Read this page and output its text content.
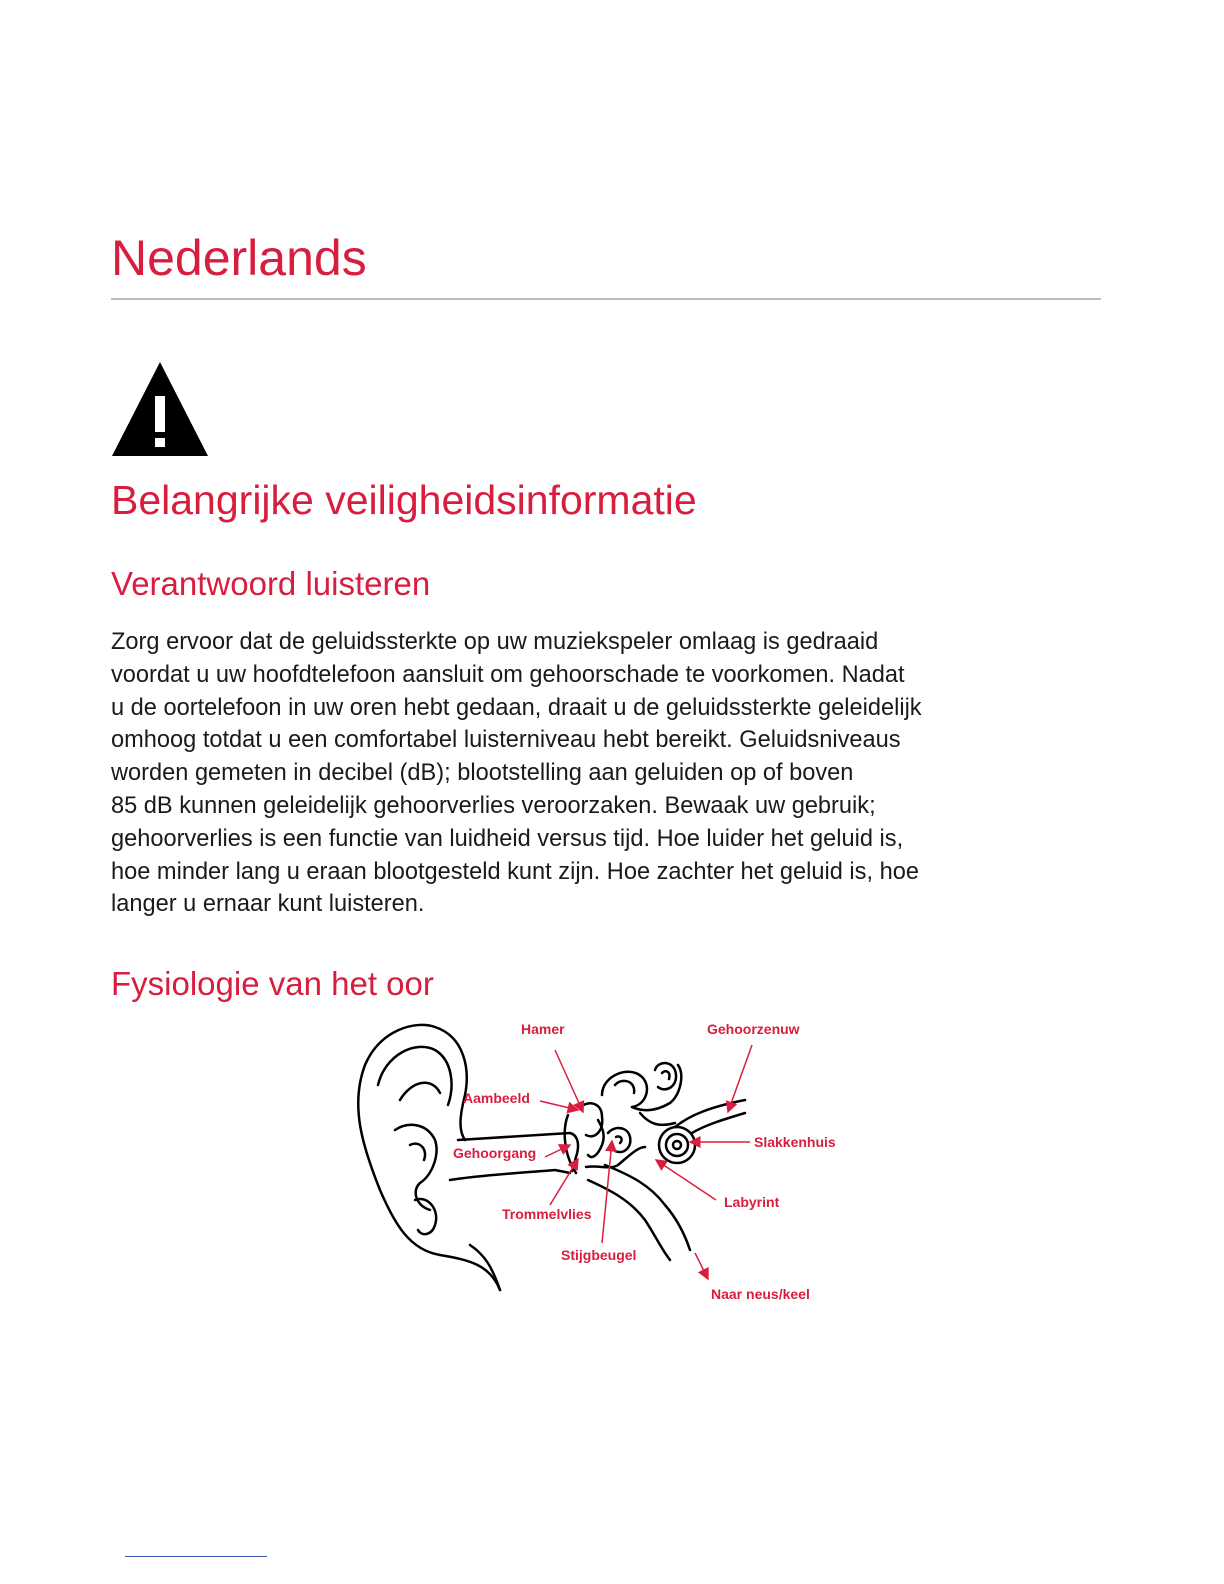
Nederlands
Belangrijke veiligheidsinformatie
Verantwoord luisteren

Zorg ervoor dat de geluidssterkte op uw muziekspeler omlaag is gedraaid
voordat u uw hoofdtelefoon aansluit om gehoorschade te voorkomen. Nadat
u de oortelefoon in uw oren hebt gedaan, draait u de geluidssterkte geleidelijk
omhoog totdat u een comfortabel luisterniveau hebt bereikt. Geluidsniveaus
worden gemeten in decibel (dB); blootstelling aan geluiden op of boven
85 dB kunnen geleidelijk gehoorverlies veroorzaken. Bewaak uw gebruik;
gehoorverlies is een functie van luidheid versus tijd. Hoe luider het geluid is,
hoe minder lang u eraan blootgesteld kunt zijn. Hoe zachter het geluid is, hoe
langer u ernaar kunt luisteren.

Fysiologie van het oor
Hamer	Gehoorzenuw
Aambeeld
Slakkenhuis
Gehoorgang
Labyrint
Trommelvlies
Stijgbeugel
Naar neus/keel
